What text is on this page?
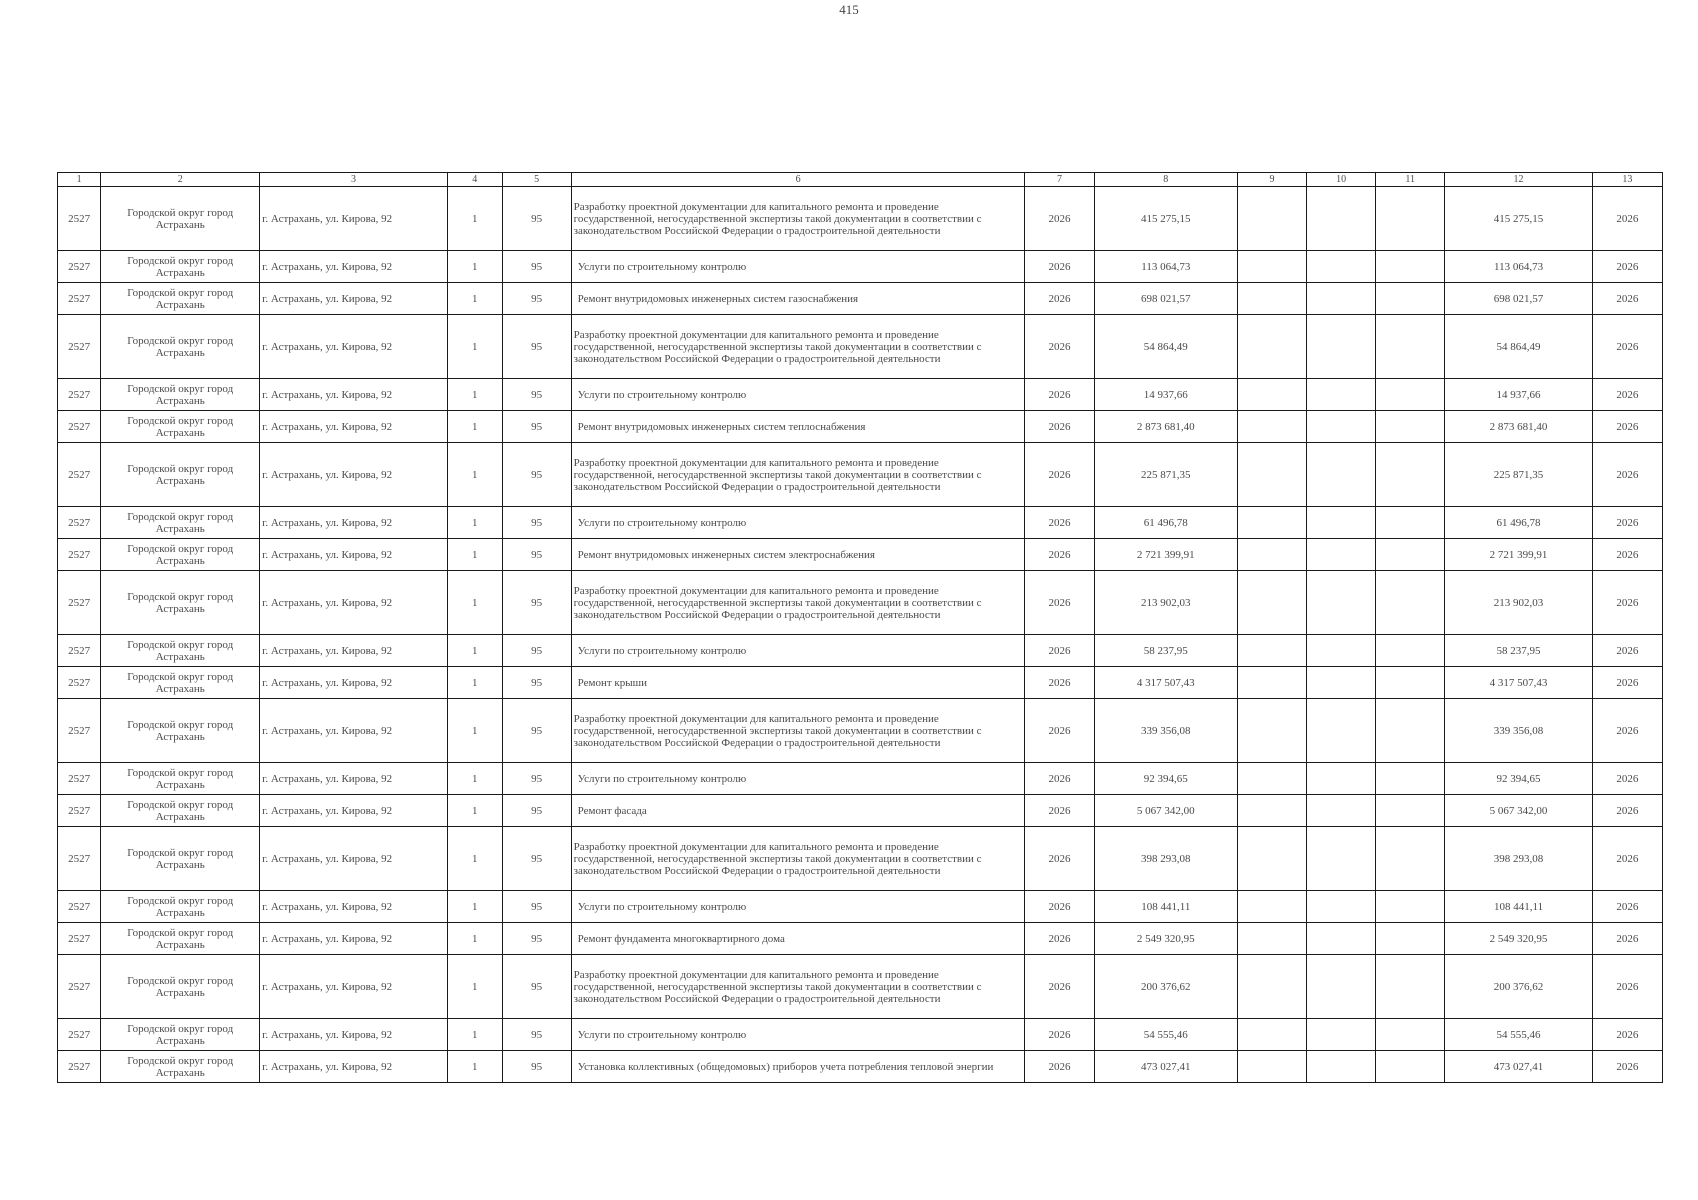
415
1	2	3	4	5	6	7	8	9	10	11	12	13
2527	Городской округ город Астрахань	г. Астрахань, ул. Кирова, 92	1	95	Разработку проектной документации для капитального ремонта и проведение государственной, негосударственной экспертизы такой документации в соответствии с законодательством Российской Федерации о градостроительной деятельности	2026	415 275,15				415 275,15	2026
2527	Городской округ город Астрахань	г. Астрахань, ул. Кирова, 92	1	95	Услуги по строительному контролю	2026	113 064,73				113 064,73	2026
2527	Городской округ город Астрахань	г. Астрахань, ул. Кирова, 92	1	95	Ремонт внутридомовых инженерных систем газоснабжения	2026	698 021,57				698 021,57	2026
2527	Городской округ город Астрахань	г. Астрахань, ул. Кирова, 92	1	95	Разработку проектной документации для капитального ремонта и проведение государственной, негосударственной экспертизы такой документации в соответствии с законодательством Российской Федерации о градостроительной деятельности	2026	54 864,49				54 864,49	2026
2527	Городской округ город Астрахань	г. Астрахань, ул. Кирова, 92	1	95	Услуги по строительному контролю	2026	14 937,66				14 937,66	2026
2527	Городской округ город Астрахань	г. Астрахань, ул. Кирова, 92	1	95	Ремонт внутридомовых инженерных систем теплоснабжения	2026	2 873 681,40				2 873 681,40	2026
2527	Городской округ город Астрахань	г. Астрахань, ул. Кирова, 92	1	95	Разработку проектной документации для капитального ремонта и проведение государственной, негосударственной экспертизы такой документации в соответствии с законодательством Российской Федерации о градостроительной деятельности	2026	225 871,35				225 871,35	2026
2527	Городской округ город Астрахань	г. Астрахань, ул. Кирова, 92	1	95	Услуги по строительному контролю	2026	61 496,78				61 496,78	2026
2527	Городской округ город Астрахань	г. Астрахань, ул. Кирова, 92	1	95	Ремонт внутридомовых инженерных систем электроснабжения	2026	2 721 399,91				2 721 399,91	2026
2527	Городской округ город Астрахань	г. Астрахань, ул. Кирова, 92	1	95	Разработку проектной документации для капитального ремонта и проведение государственной, негосударственной экспертизы такой документации в соответствии с законодательством Российской Федерации о градостроительной деятельности	2026	213 902,03				213 902,03	2026
2527	Городской округ город Астрахань	г. Астрахань, ул. Кирова, 92	1	95	Услуги по строительному контролю	2026	58 237,95				58 237,95	2026
2527	Городской округ город Астрахань	г. Астрахань, ул. Кирова, 92	1	95	Ремонт крыши	2026	4 317 507,43				4 317 507,43	2026
2527	Городской округ город Астрахань	г. Астрахань, ул. Кирова, 92	1	95	Разработку проектной документации для капитального ремонта и проведение государственной, негосударственной экспертизы такой документации в соответствии с законодательством Российской Федерации о градостроительной деятельности	2026	339 356,08				339 356,08	2026
2527	Городской округ город Астрахань	г. Астрахань, ул. Кирова, 92	1	95	Услуги по строительному контролю	2026	92 394,65				92 394,65	2026
2527	Городской округ город Астрахань	г. Астрахань, ул. Кирова, 92	1	95	Ремонт фасада	2026	5 067 342,00				5 067 342,00	2026
2527	Городской округ город Астрахань	г. Астрахань, ул. Кирова, 92	1	95	Разработку проектной документации для капитального ремонта и проведение государственной, негосударственной экспертизы такой документации в соответствии с законодательством Российской Федерации о градостроительной деятельности	2026	398 293,08				398 293,08	2026
2527	Городской округ город Астрахань	г. Астрахань, ул. Кирова, 92	1	95	Услуги по строительному контролю	2026	108 441,11				108 441,11	2026
2527	Городской округ город Астрахань	г. Астрахань, ул. Кирова, 92	1	95	Ремонт фундамента многоквартирного дома	2026	2 549 320,95				2 549 320,95	2026
2527	Городской округ город Астрахань	г. Астрахань, ул. Кирова, 92	1	95	Разработку проектной документации для капитального ремонта и проведение государственной, негосударственной экспертизы такой документации в соответствии с законодательством Российской Федерации о градостроительной деятельности	2026	200 376,62				200 376,62	2026
2527	Городской округ город Астрахань	г. Астрахань, ул. Кирова, 92	1	95	Услуги по строительному контролю	2026	54 555,46				54 555,46	2026
2527	Городской округ город Астрахань	г. Астрахань, ул. Кирова, 92	1	95	Установка коллективных (общедомовых) приборов учета потребления тепловой энергии	2026	473 027,41				473 027,41	2026
